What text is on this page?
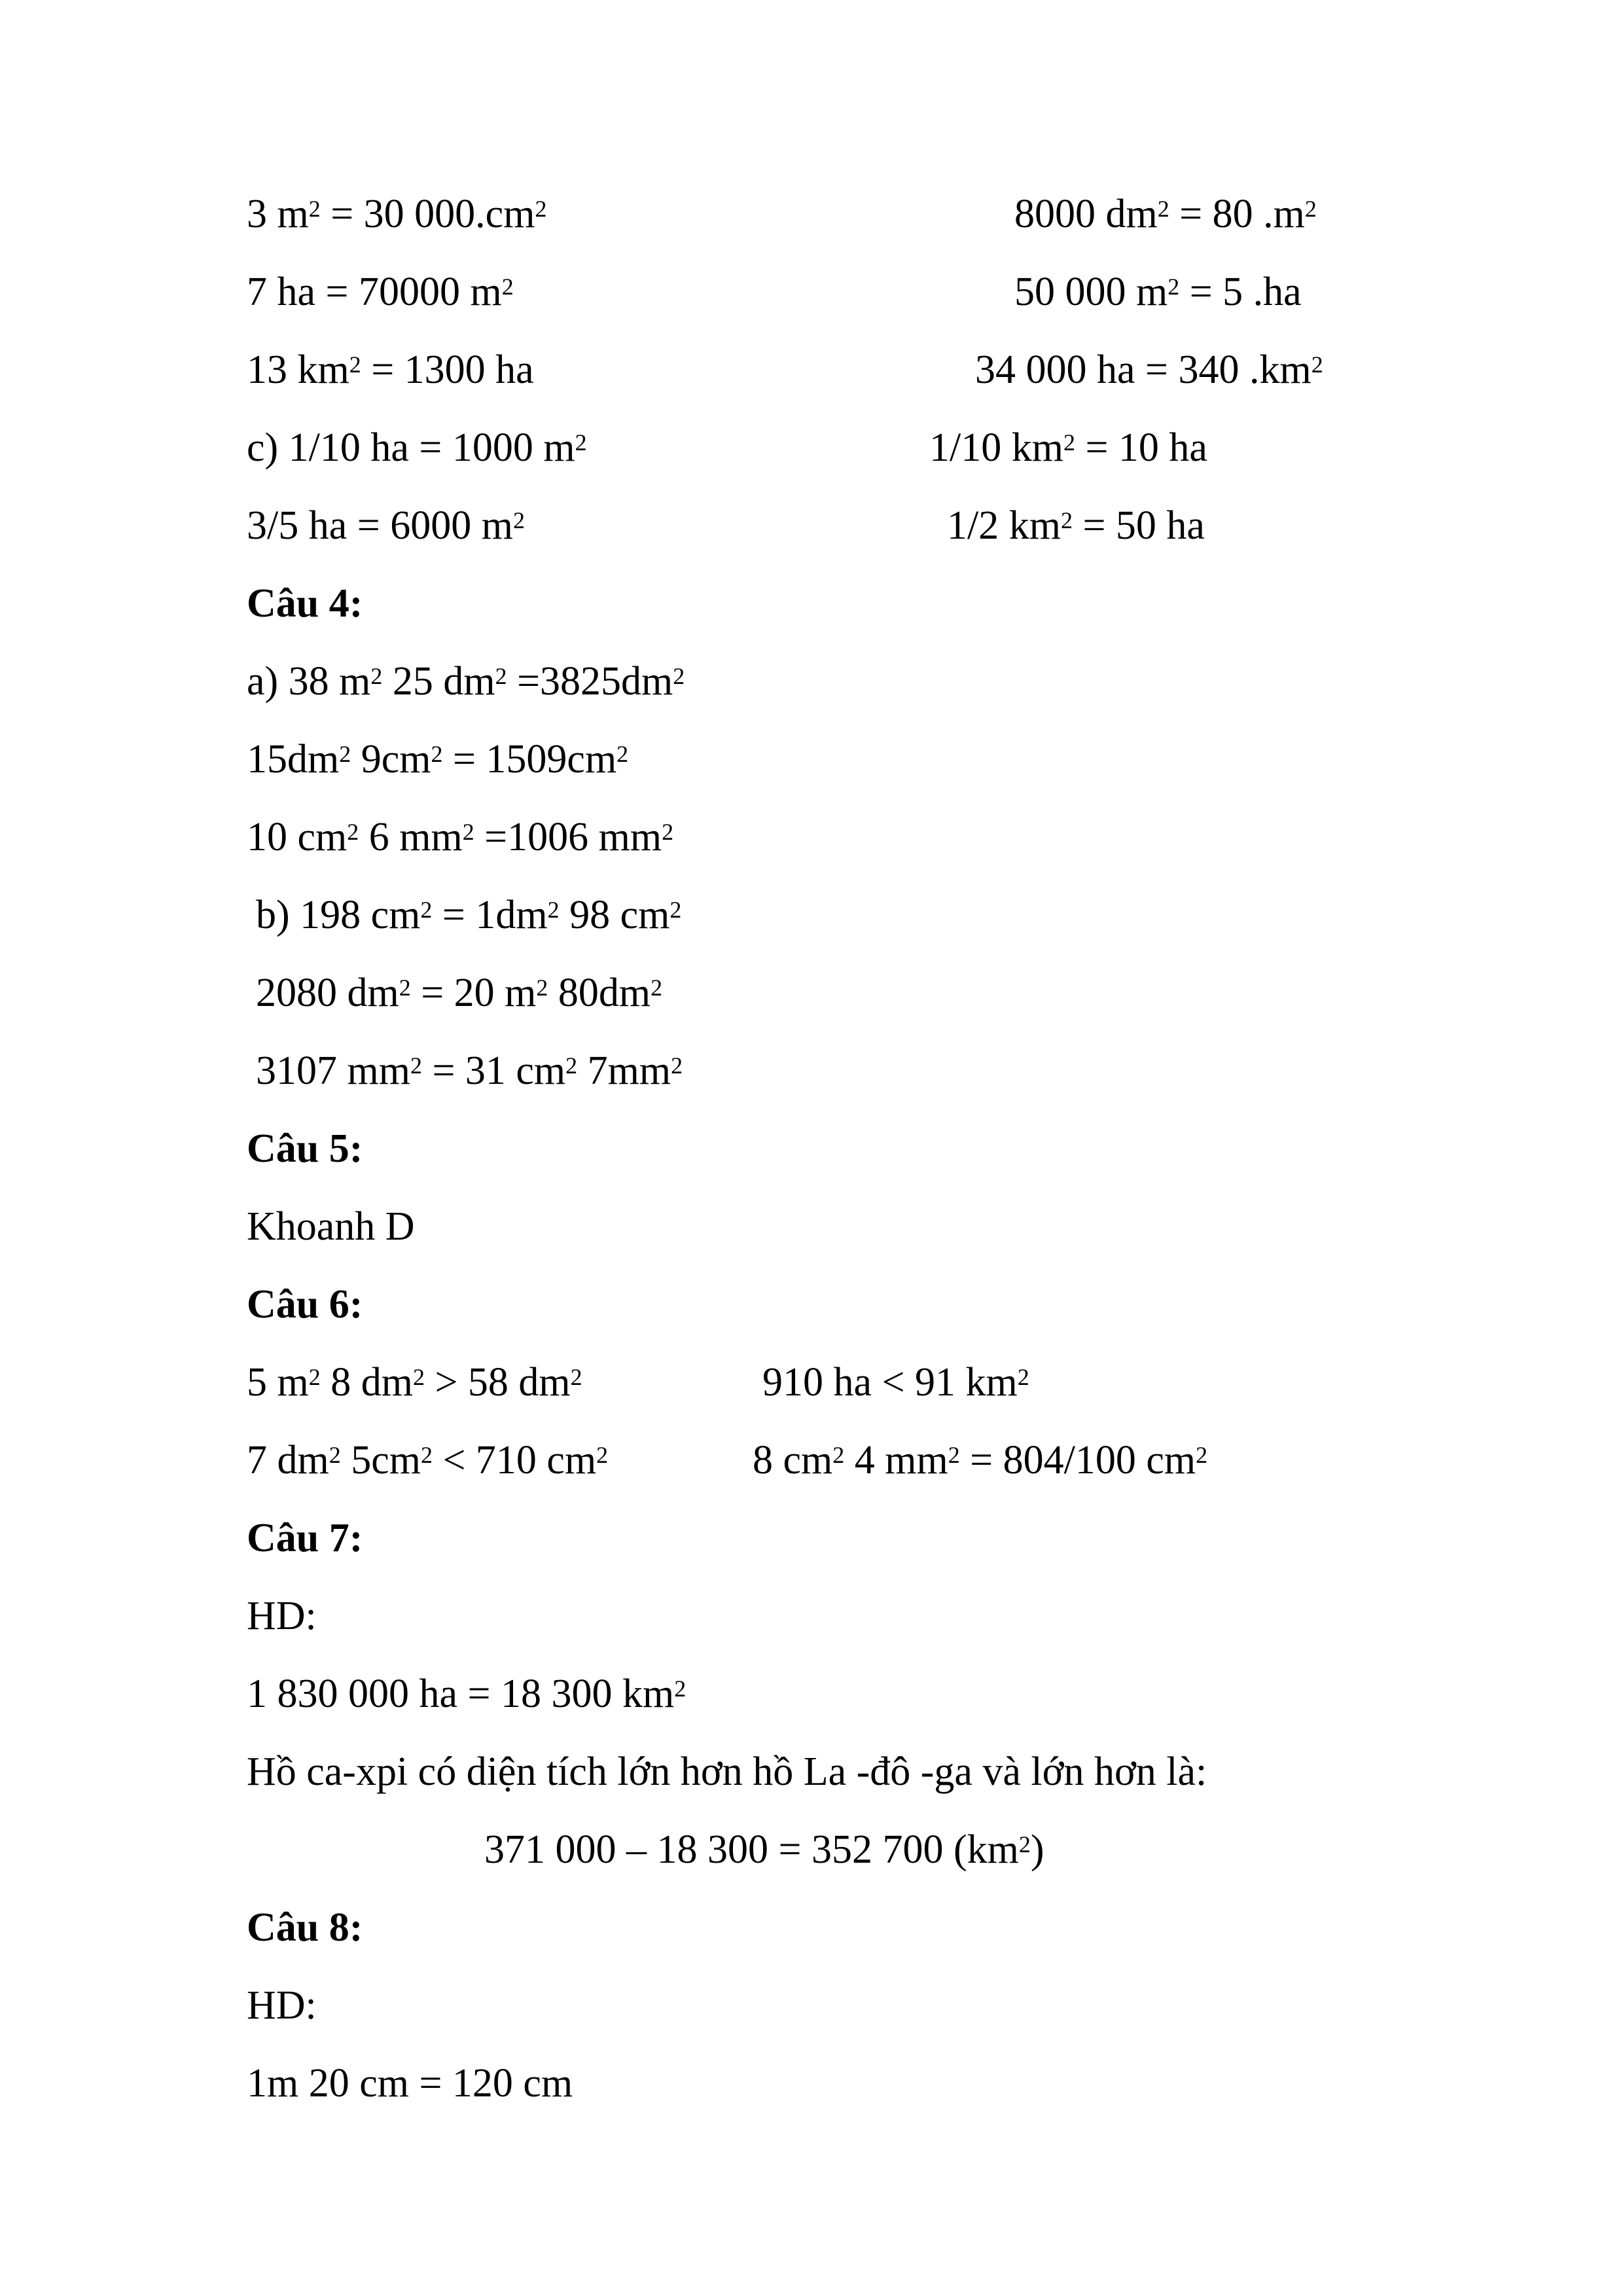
3 $m^2 = 30$ $000.cm^2$	8000 $dm^2 = 80$ $.m^2$
7 ha = 70000 $m^2$	50 000 $m^2 = 5$ .ha
13 $km^2 = 1300$ ha	34 000 ha = 340 $.km^2$
c) 1/10 ha = 1000 $m^2$	1/10 $km^2 = 10$ ha
3/5 ha = 6000 $m^2$	1/2 $km^2 = 50$ ha
Câu 4:
a) 38 $m^2$ 25 $dm^2 =3825dm^2$
$15dm^2$ $9cm^2 = 1509cm^2$
10 $cm^2$ 6 $mm^2 =1006$ $mm^2$
b) 198 $cm^2 = 1dm^2$ 98 $cm^2$
2080 $dm^2 = 20$ $m^2$ $80dm^2$
3107 $mm^2 = 31$ $cm^2$ $7mm^2$
Câu 5:
Khoanh D
Câu 6:
5 $m^2$ 8 $dm^2 > 58$ $dm^2$	910 ha < 91 $km^2$
7 $dm^2$ $5cm^2 < 710$ $cm^2$	8 $cm^2$ 4 $mm^2 = 804/100$ $cm^2$
Câu 7:
HD:
1 830 000 ha = 18 300 $km^2$
Hồ ca-xpi có diện tích lớn hơn hồ La -đô -ga và lớn hơn là:
371 000 – 18 300 = 352 700 $(km^2)$
Câu 8:
HD:
1m 20 cm = 120 cm
